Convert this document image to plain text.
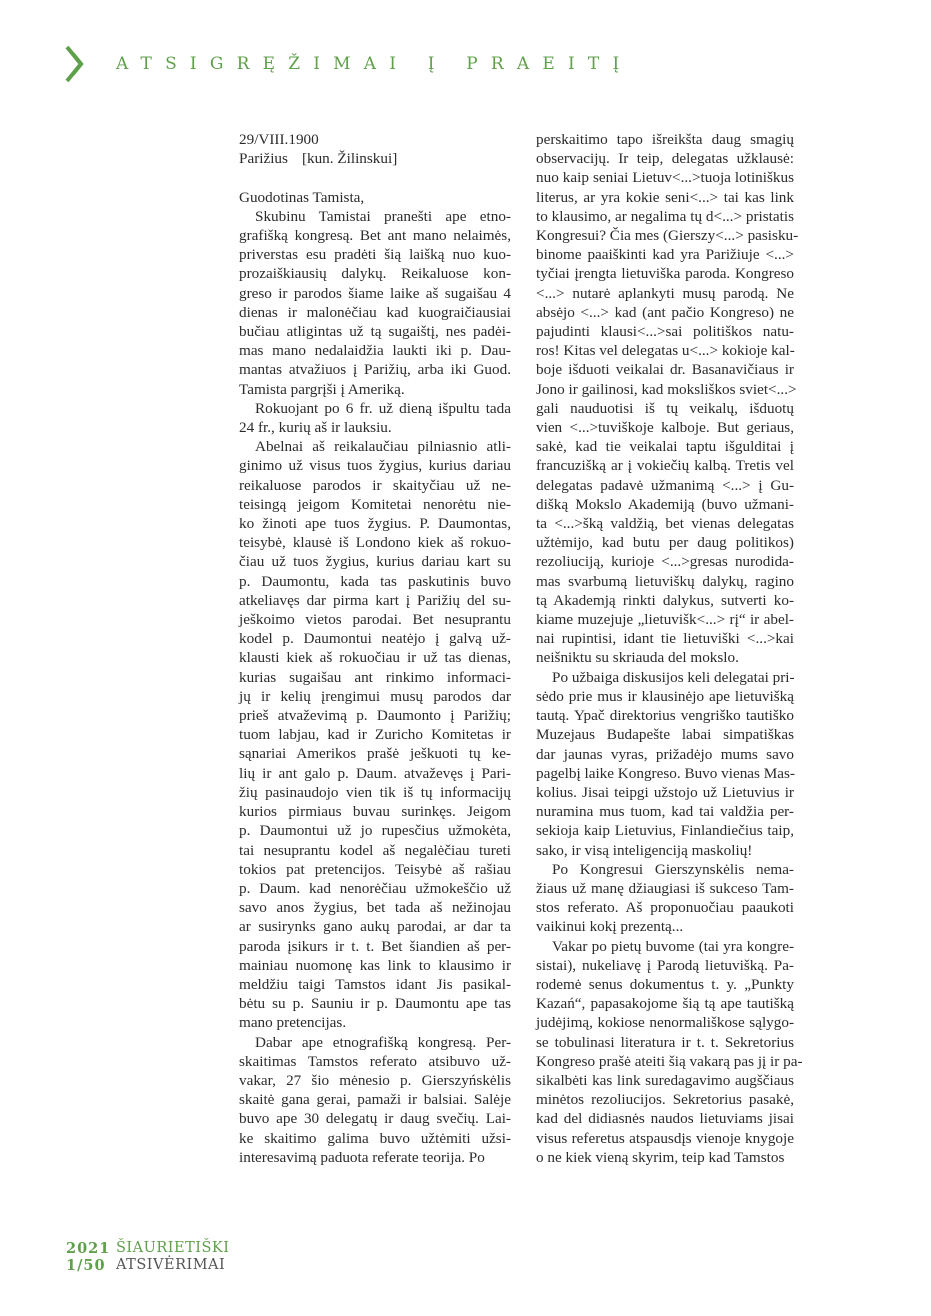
ATSIGRĘŽIMAI Į PRAEITĮ

29/VIII.1900

Parižius [kun. Žilinskui]

Guodotinas Tamista,

Skubinu Tamistai pranešti ape etno-
grafišką kongresą. Bet ant mano nelaimės,
priverstas esu pradėti šią laišką nuo kuo-
prozaiškiausių dalykų. Reikaluose kon-
greso ir parodos šiame laike aš sugaišau 4
dienas ir malonėčiau kad kuograičiausiai
bučiau atligintas už tą sugaištį, nes padėi-
mas mano nedalaidžia laukti iki p. Dau-
mantas atvažiuos į Parižių, arba iki Guod.
Tamista pargrįši į Ameriką.

Rokuojant po 6 fr. už dieną išpultu tada
24 fr., kurių aš ir lauksiu.

Abelnai aš reikalaučiau pilniasnio atli-
ginimo už visus tuos žygius, kurius dariau
reikaluose parodos ir skaityčiau už ne-
teisingą jeigom Komitetai nenorėtu nie-
ko žinoti ape tuos žygius. P. Daumontas,
teisybė, klausė iš Londono kiek aš rokuo-
čiau už tuos žygius, kurius dariau kart su
p. Daumontu, kada tas paskutinis buvo
atkeliavęs dar pirma kart į Parižių del su-
ješkoimo vietos parodai. Bet nesuprantu
kodel p. Daumontui neatėjo į galvą už-
klausti kiek aš rokuočiau ir už tas dienas,
kurias sugaišau ant rinkimo informaci-
jų ir kelių įrengimui musų parodos dar
prieš atvaževimą p. Daumonto į Parižių;
tuom labjau, kad ir Zuricho Komitetas ir
sąnariai Amerikos prašė ješkuoti tų ke-
lių ir ant galo p. Daum. atvaževęs į Pari-
žių pasinaudojo vien tik iš tų informacijų
kurios pirmiaus buvau surinkęs. Jeigom
p. Daumontui už jo rupesčius užmokėta,
tai nesuprantu kodel aš negalėčiau tureti
tokios pat pretencijos. Teisybė aš rašiau
p. Daum. kad nenorėčiau užmokeščio už
savo anos žygius, bet tada aš nežinojau
ar susirynks gano aukų parodai, ar dar ta
paroda įsikurs ir t. t. Bet šiandien aš per-
mainiau nuomonę kas link to klausimo ir
meldžiu taigi Tamstos idant Jis pasikal-
bėtu su p. Sauniu ir p. Daumontu ape tas
mano pretencijas.

Dabar ape etnografišką kongresą. Per-
skaitimas Tamstos referato atsibuvo už-
vakar, 27 šio mėnesio p. Gierszyńskėlis
skaitė gana gerai, pamaži ir balsiai. Salėje
buvo ape 30 delegatų ir daug svečių. Lai-
ke skaitimo galima buvo užtėmiti užsi-
interesavimą paduota referate teorija. Po

perskaitimo tapo išreikšta daug smagių
observacijų. Ir teip, delegatas užklausė:
nuo kaip seniai Lietuv<...>tuoja lotiniškus
literus, ar yra kokie seni<...> tai kas link
to klausimo, ar negalima tų d<...> pristatis
Kongresui? Čia mes (Gierszy<...> pasisku-
binome paaiškinti kad yra Parižiuje <...>
tyčiai įrengta lietuviška paroda. Kongreso
<...> nutarė aplankyti musų parodą. Ne
absėjo <...> kad (ant pačio Kongreso) ne
pajudinti klausi<...>sai politiškos natu-
ros! Kitas vel delegatas u<...> kokioje kal-
boje išduoti veikalai dr. Basanavičiaus ir
Jono ir gailinosi, kad moksliškos sviet<...>
gali nauduotisi iš tų veikalų, išduotų
vien <...>tuviškoje kalboje. But geriaus,
sakė, kad tie veikalai taptu išgulditai į
francuzišką ar į vokiečių kalbą. Tretis vel
delegatas padavė užmanimą <...> į Gu-
dišką Mokslo Akademiją (buvo užmani-
ta <...>šką valdžią, bet vienas delegatas
užtėmijo, kad butu per daug politikos)
rezoliuciją, kurioje <...>gresas nurodida-
mas svarbumą lietuviškų dalykų, ragino
tą Akademją rinkti dalykus, sutverti ko-
kiame muzejuje „lietuvišk<...> rį“ ir abel-
nai rupintisi, idant tie lietuviški <...>kai
neišniktu su skriauda del mokslo.

Po užbaiga diskusijos keli delegatai pri-
sėdo prie mus ir klausinėjo ape lietuvišką
tautą. Ypač direktorius vengriško tautiško
Muzejaus Budapešte labai simpatiškas
dar jaunas vyras, prižadėjo mums savo
pagelbį laike Kongreso. Buvo vienas Mas-
kolius. Jisai teipgi užstojo už Lietuvius ir
nuramina mus tuom, kad tai valdžia per-
sekioja kaip Lietuvius, Finlandiečius taip,
sako, ir visą inteligenciją maskolių!

Po Kongresui Gierszynskėlis nema-
žiaus už manę džiaugiasi iš sukceso Tam-
stos referato. Aš proponuočiau paaukoti
vaikinui kokį prezentą...

Vakar po pietų buvome (tai yra kongre-
sistai), nukeliavę į Parodą lietuvišką. Pa-
rodemė senus dokumentus t. y. „Punkty
Kazań“, papasakojome šią tą ape tautišką
judėjimą, kokiose nenormališkose sąlygo-
se tobulinasi literatura ir t. t. Sekretorius
Kongreso prašė ateiti šią vakarą pas jį ir pa-
sikalbėti kas link suredagavimo augščiaus
minėtos rezoliucijos. Sekretorius pasakė,
kad del didiasnės naudos lietuviams jisai
visus referetus atspausdįs vienoje knygoje
o ne kiek vieną skyrim, teip kad Tamstos

2021 ŠIAURIETIŠKI
1/50 ATSIVĖRIMAI
